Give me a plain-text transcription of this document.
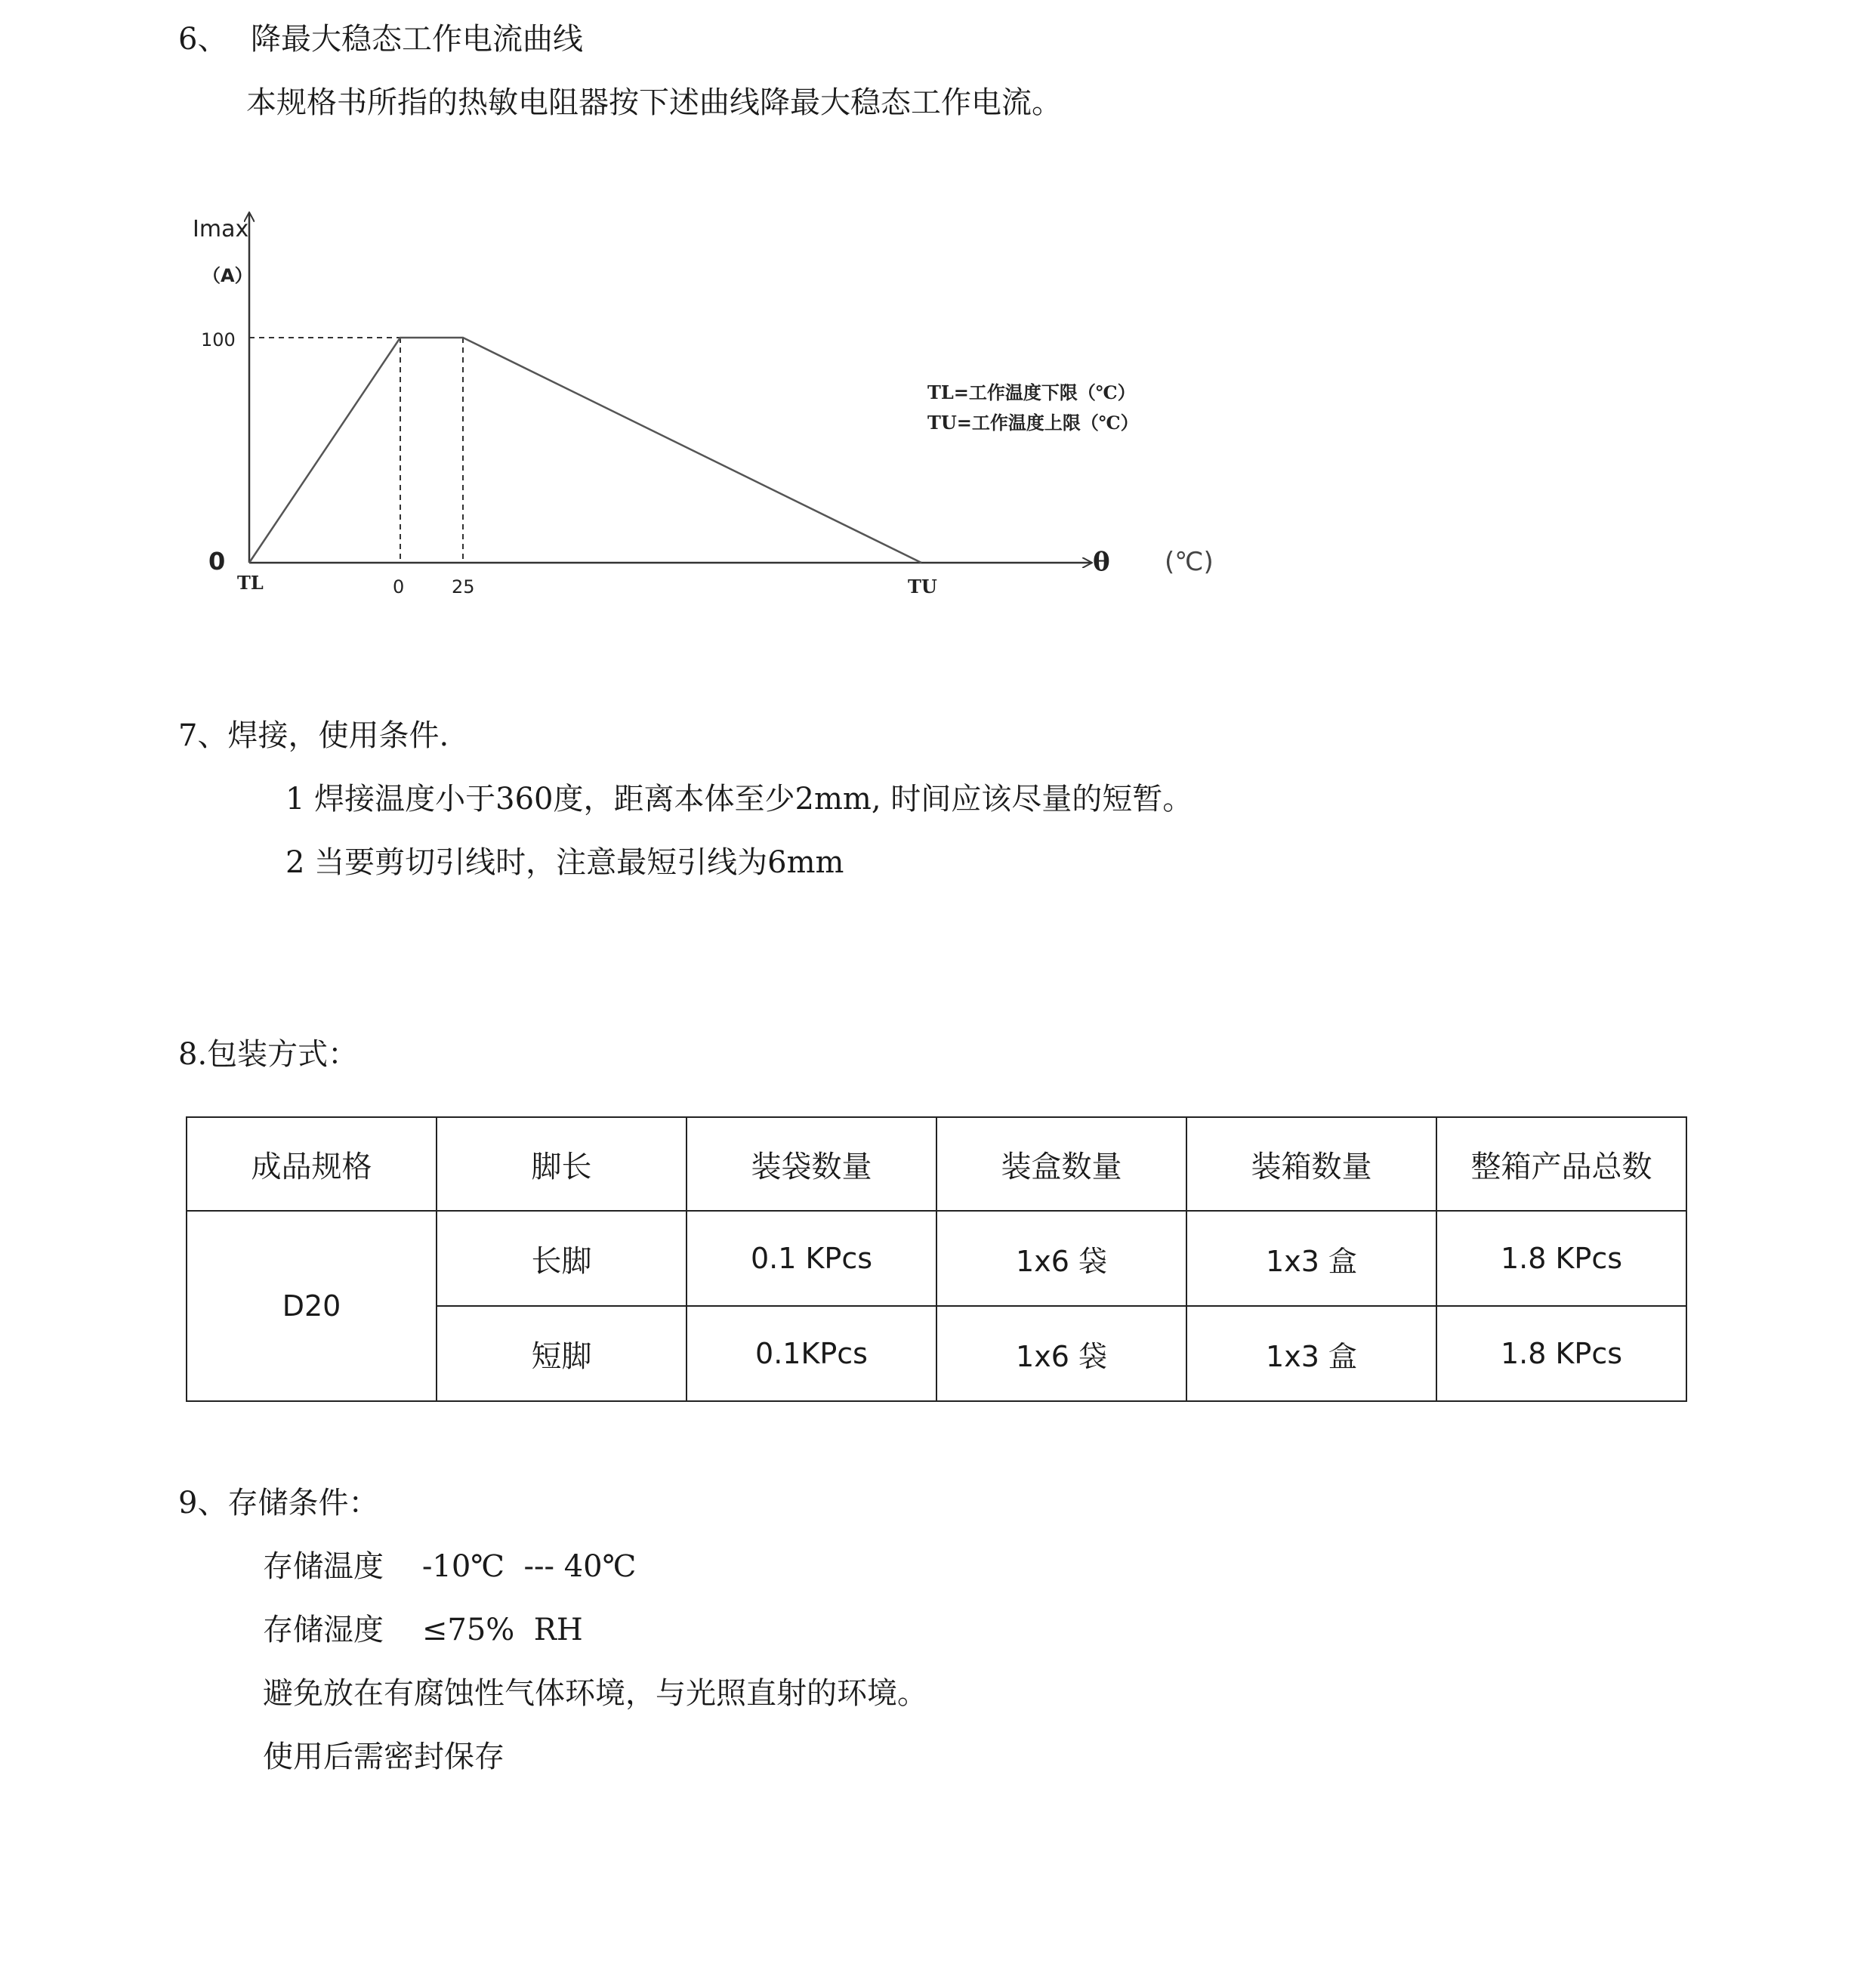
6、 降最大稳态工作电流曲线
本规格书所指的热敏电阻器按下述曲线降最大稳态工作电流。
Imax
（A）
100
0
TL	0	25	TU
θ (℃)
TL=工作温度下限（℃）
TU=工作温度上限（℃）
7、焊接，使用条件.
1 焊接温度小于360度，距离本体至少2mm, 时间应该尽量的短暂。
2 当要剪切引线时，注意最短引线为6mm
8.包装方式：
成品规格	脚长	装袋数量	装盒数量	装箱数量	整箱产品总数
D20	长脚	0.1 KPcs	1x6 袋	1x3 盒	1.8 KPcs
	短脚	0.1KPcs	1x6 袋	1x3 盒	1.8 KPcs
9、存储条件：
存储温度    -10℃  --- 40℃
存储湿度    ≤75%  RH
避免放在有腐蚀性气体环境，与光照直射的环境。
使用后需密封保存
